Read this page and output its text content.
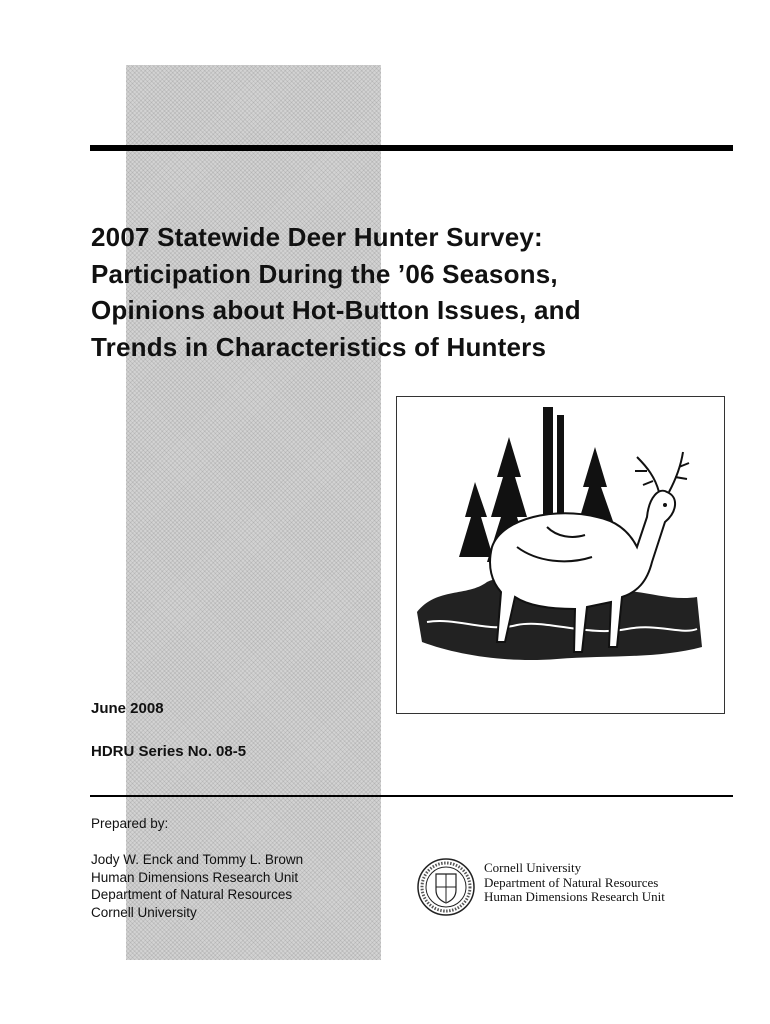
2007 Statewide Deer Hunter Survey:
Participation During the ’06 Seasons,
Opinions about Hot-Button Issues, and
Trends in Characteristics of Hunters

June 2008

HDRU Series No. 08-5

Prepared by:

Jody W. Enck and Tommy L. Brown
Human Dimensions Research Unit
Department of Natural Resources
Cornell University
Cornell University
Department of Natural Resources
Human Dimensions Research Unit
